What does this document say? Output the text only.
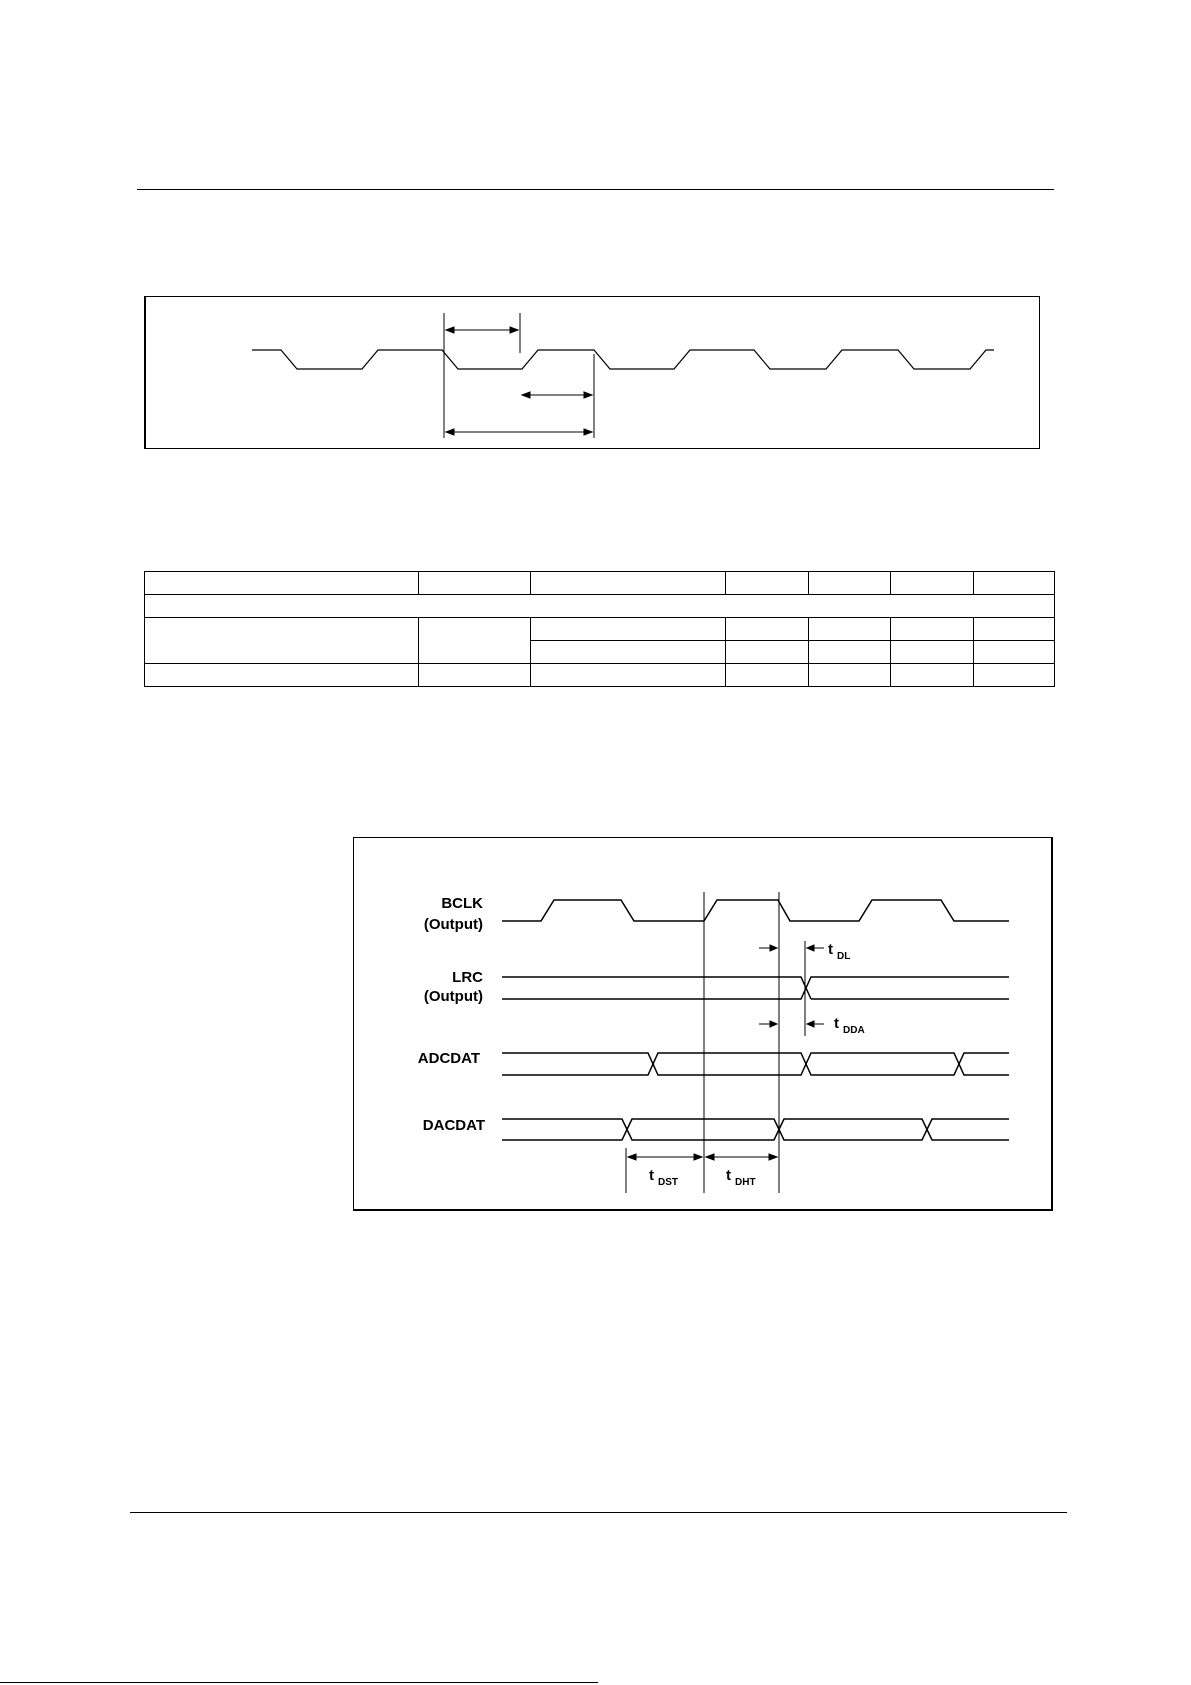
BCLK
(Output)
LRC
(Output)
ADCDAT
DACDAT
t DL
t DDA
t DST	t DHT
